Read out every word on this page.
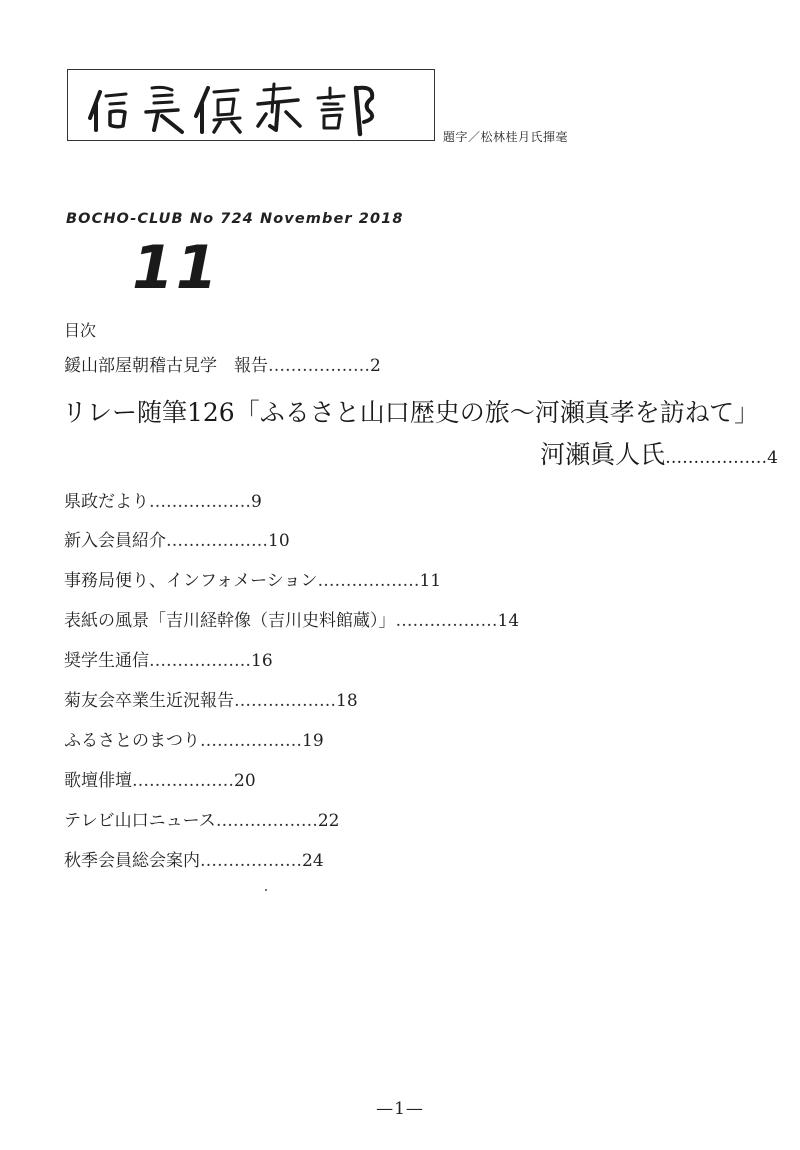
題字／松林桂月氏揮毫
BOCHO-CLUB No 724 November 2018
11
目次
鍰山部屋朝稽古見学　報告 ……………… 2
リレー随筆126「ふるさと山口歴史の旅～河瀬真孝を訪ねて」
河瀬眞人氏 ……………… 4
県政だより ……………… 9
新入会員紹介 ……………… 10
事務局便り、インフォメーション ……………… 11
表紙の風景「吉川経幹像（吉川史料館蔵）」 ……………… 14
奨学生通信 ……………… 16
菊友会卒業生近況報告 ……………… 18
ふるさとのまつり ……………… 19
歌壇俳壇 ……………… 20
テレビ山口ニュース ……………… 22
秋季会員総会案内 ……………… 24
—1—
